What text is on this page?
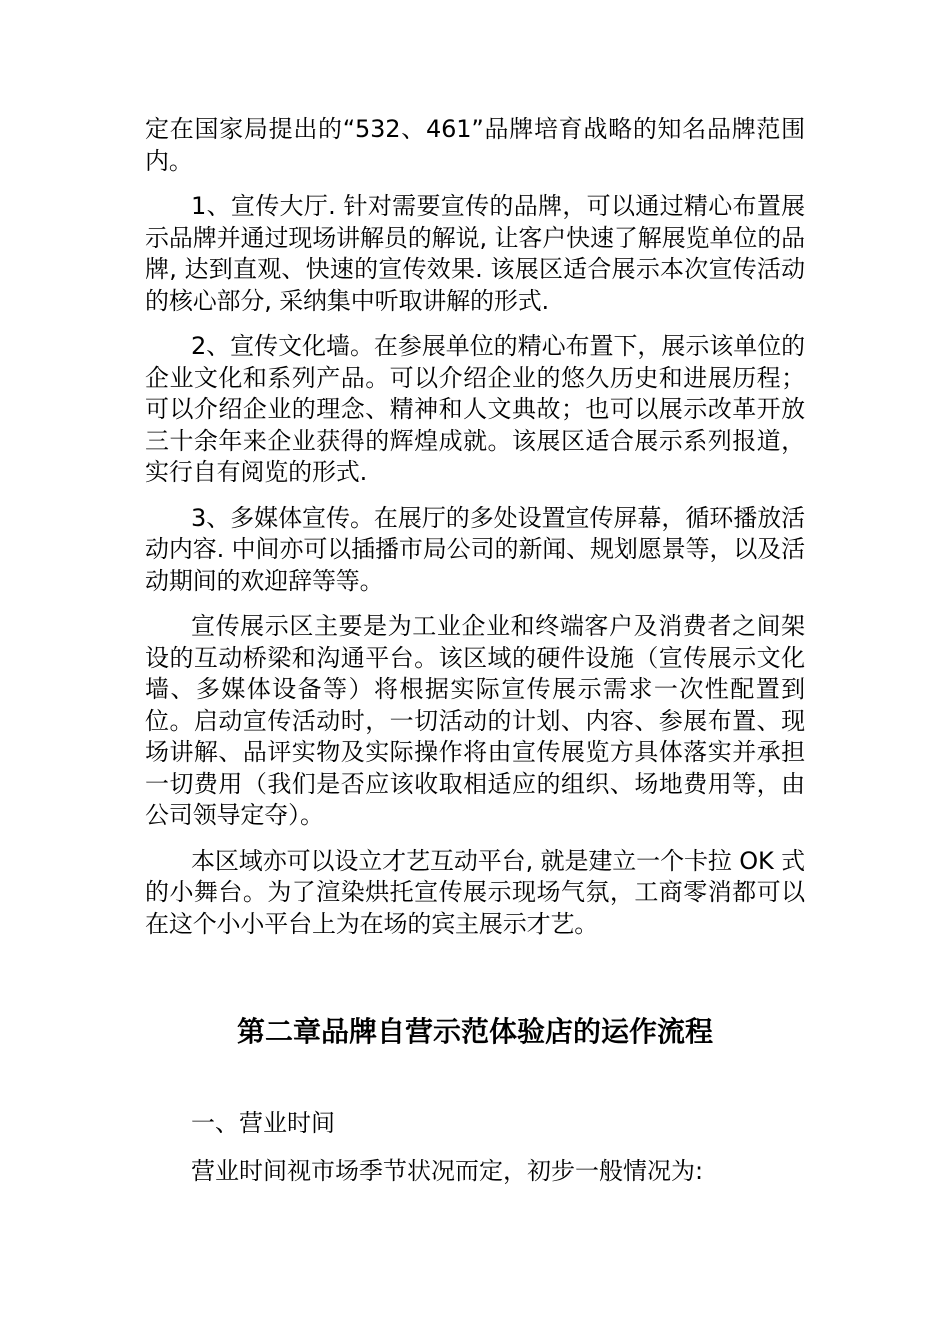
定在国家局提出的“532、461”品牌培育战略的知名品牌范围内。

1、宣传大厅. 针对需要宣传的品牌，可以通过精心布置展示品牌并通过现场讲解员的解说, 让客户快速了解展览单位的品牌, 达到直观、快速的宣传效果. 该展区适合展示本次宣传活动的核心部分, 采纳集中听取讲解的形式.

2、宣传文化墙。在参展单位的精心布置下，展示该单位的企业文化和系列产品。可以介绍企业的悠久历史和进展历程；可以介绍企业的理念、精神和人文典故；也可以展示改革开放三十余年来企业获得的辉煌成就。该展区适合展示系列报道，实行自有阅览的形式.

3、多媒体宣传。在展厅的多处设置宣传屏幕，循环播放活动内容. 中间亦可以插播市局公司的新闻、规划愿景等，以及活动期间的欢迎辞等等。

宣传展示区主要是为工业企业和终端客户及消费者之间架设的互动桥梁和沟通平台。该区域的硬件设施（宣传展示文化墙、多媒体设备等）将根据实际宣传展示需求一次性配置到位。启动宣传活动时，一切活动的计划、内容、参展布置、现场讲解、品评实物及实际操作将由宣传展览方具体落实并承担一切费用（我们是否应该收取相适应的组织、场地费用等，由公司领导定夺）。

本区域亦可以设立才艺互动平台, 就是建立一个卡拉 OK 式的小舞台。为了渲染烘托宣传展示现场气氛，工商零消都可以在这个小小平台上为在场的宾主展示才艺。

第二章品牌自营示范体验店的运作流程

一、营业时间

营业时间视市场季节状况而定，初步一般情况为:
